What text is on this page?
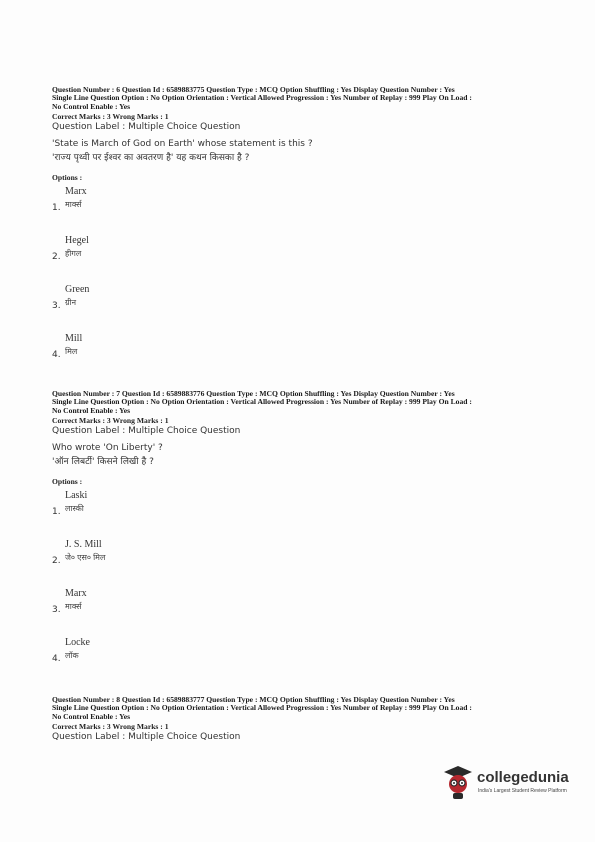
Question Number : 6 Question Id : 6589883775 Question Type : MCQ Option Shuffling : Yes Display Question Number : Yes
Single Line Question Option : No Option Orientation : Vertical Allowed Progression : Yes Number of Replay : 999 Play On Load :
No Control Enable : Yes
Correct Marks : 3 Wrong Marks : 1
Question Label : Multiple Choice Question
'State is March of God on Earth' whose statement is this ?
'राज्य पृथ्वी पर ईश्वर का अवतरण है' यह कथन किसका है ?
Options :
Marx
मार्क्स
1.
Hegel
हीगल
2.
Green
ग्रीन
3.
Mill
मिल
4.
Question Number : 7 Question Id : 6589883776 Question Type : MCQ Option Shuffling : Yes Display Question Number : Yes
Single Line Question Option : No Option Orientation : Vertical Allowed Progression : Yes Number of Replay : 999 Play On Load :
No Control Enable : Yes
Correct Marks : 3 Wrong Marks : 1
Question Label : Multiple Choice Question
Who wrote 'On Liberty' ?
'ऑन लिबर्टी' किसने लिखी है ?
Options :
Laski
लास्की
1.
J. S. Mill
जे० एस० मिल
2.
Marx
मार्क्स
3.
Locke
लॉक
4.
Question Number : 8 Question Id : 6589883777 Question Type : MCQ Option Shuffling : Yes Display Question Number : Yes
Single Line Question Option : No Option Orientation : Vertical Allowed Progression : Yes Number of Replay : 999 Play On Load :
No Control Enable : Yes
Correct Marks : 3 Wrong Marks : 1
Question Label : Multiple Choice Question
collegedunia
India's Largest Student Review Platform
